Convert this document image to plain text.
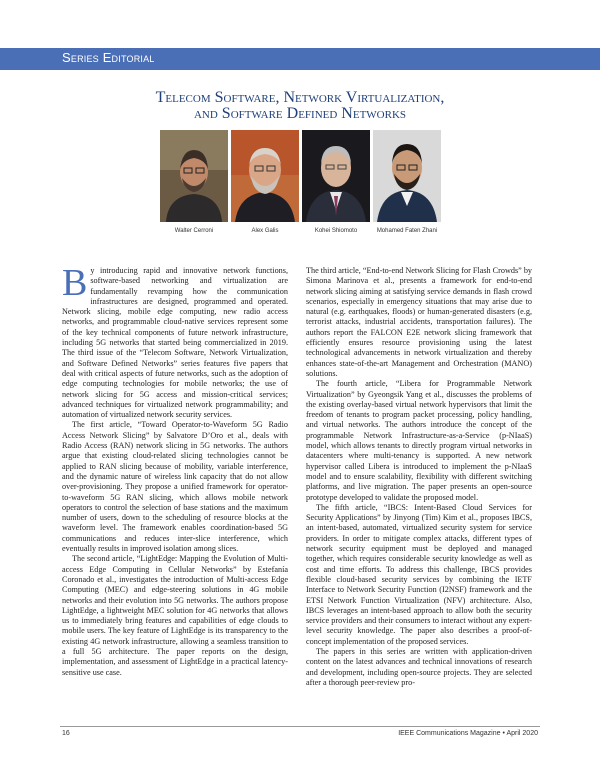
Series Editorial
Telecom Software, Network Virtualization,
and Software Defined Networks
Walter Cerroni	Alex Galis	Kohei Shiomoto	Mohamed Faten Zhani

By introducing rapid and innovative network functions, software-based networking and virtualization are fundamentally revamping how the communication infrastructures are designed, programmed and operated. Network slicing, mobile edge computing, new radio access networks, and programmable cloud-native services represent some of the key technical components of future network infrastructure, including 5G networks that started being commercialized in 2019. The third issue of the “Telecom Software, Network Virtualization, and Software Defined Networks” series features five papers that deal with critical aspects of future networks, such as the adoption of edge computing technologies for mobile networks; the use of network slicing for 5G access and mission-critical services; advanced techniques for virtualized network programmability; and automation of virtualized network security services.

The first article, “Toward Operator-to-Waveform 5G Radio Access Network Slicing” by Salvatore D’Oro et al., deals with Radio Access (RAN) network slicing in 5G networks. The authors argue that existing cloud-related slicing technologies cannot be applied to RAN slicing because of mobility, variable interference, and the dynamic nature of wireless link capacity that do not allow over-provisioning. They propose a unified framework for operator-to-waveform 5G RAN slicing, which allows mobile network operators to control the selection of base stations and the maximum number of users, down to the scheduling of resource blocks at the waveform level. The framework enables coordination-based 5G communications and reduces inter-slice interference, which eventually results in improved isolation among slices.

The second article, “LightEdge: Mapping the Evolution of Multi-access Edge Computing in Cellular Networks” by Estefanía Coronado et al., investigates the introduction of Multi-access Edge Computing (MEC) and edge-steering solutions in 4G mobile networks and their evolution into 5G networks. The authors propose LightEdge, a lightweight MEC solution for 4G networks that allows us to immediately bring features and capabilities of edge clouds to mobile users. The key feature of LightEdge is its transparency to the existing 4G network infrastructure, allowing a seamless transition to a full 5G architecture. The paper reports on the design, implementation, and assessment of LightEdge in a practical latency-sensitive use case.

The third article, “End-to-end Network Slicing for Flash Crowds” by Simona Marinova et al., presents a framework for end-to-end network slicing aiming at satisfying service demands in flash crowd scenarios, especially in emergency situations that may arise due to natural (e.g. earthquakes, floods) or human-generated disasters (e.g, terrorist attacks, industrial accidents, transportation failures). The authors report the FALCON E2E network slicing framework that efficiently ensures resource provisioning using the latest technological advancements in network virtualization and thereby enhances state-of-the-art Management and Orchestration (MANO) solutions.

The fourth article, “Libera for Programmable Network Virtualization” by Gyeongsik Yang et al., discusses the problems of the existing overlay-based virtual network hypervisors that limit the freedom of tenants to program packet processing, policy handling, and virtual networks. The authors introduce the concept of the programmable Network Infrastructure-as-a-Service (p-NIaaS) model, which allows tenants to directly program virtual networks in datacenters where multi-tenancy is supported. A new network hypervisor called Libera is introduced to implement the p-NIaaS model and to ensure scalability, flexibility with different switching platforms, and live migration. The paper presents an open-source prototype developed to validate the proposed model.

The fifth article, “IBCS: Intent-Based Cloud Services for Security Applications” by Jinyong (Tim) Kim et al., proposes IBCS, an intent-based, automated, virtualized security system for service providers. In order to mitigate complex attacks, different types of network security equipment must be deployed and managed together, which requires considerable security knowledge as well as cost and time efforts. To address this challenge, IBCS provides flexible cloud-based security services by combining the IETF Interface to Network Security Function (I2NSF) framework and the ETSI Network Function Virtualization (NFV) architecture. Also, IBCS leverages an intent-based approach to allow both the security service providers and their consumers to interact without any expert-level security knowledge. The paper also describes a proof-of-concept implementation of the proposed services.

The papers in this series are written with application-driven content on the latest advances and technical innovations of research and development, including open-source projects. They are selected after a thorough peer-review pro-

16	IEEE Communications Magazine • April 2020
